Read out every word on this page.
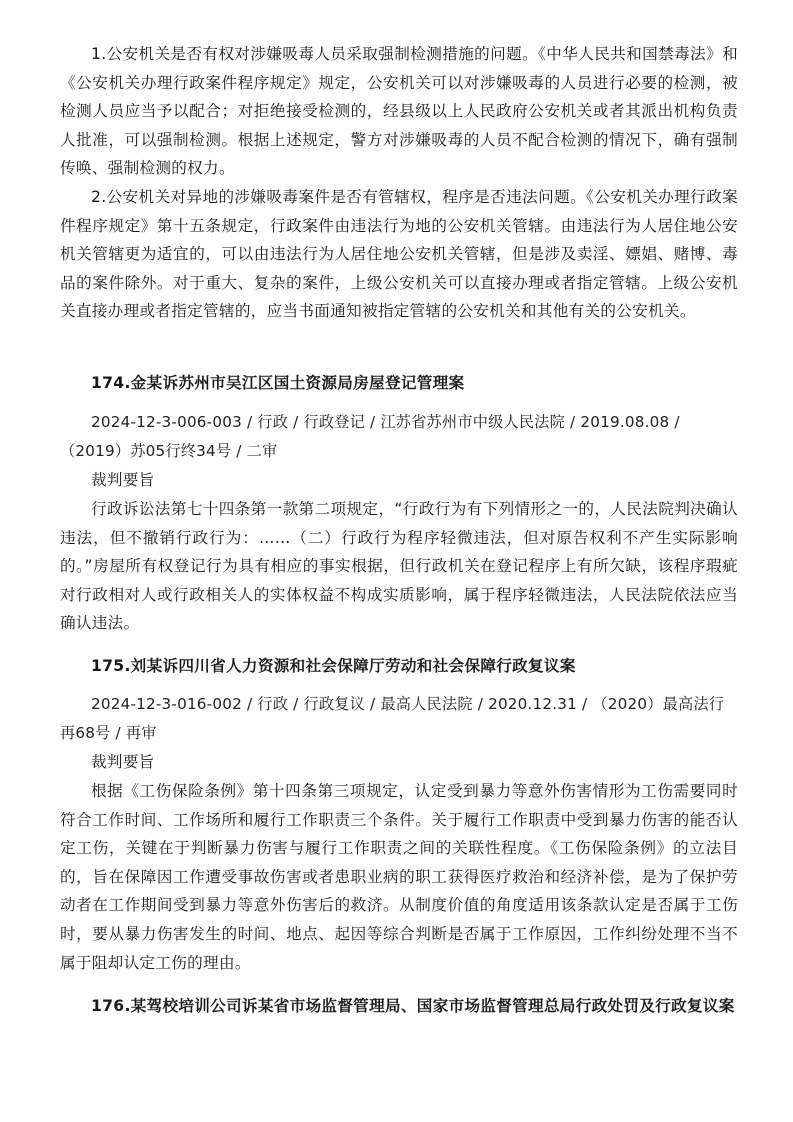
1.公安机关是否有权对涉嫌吸毒人员采取强制检测措施的问题。《中华人民共和国禁毒法》和《公安机关办理行政案件程序规定》规定，公安机关可以对涉嫌吸毒的人员进行必要的检测，被检测人员应当予以配合；对拒绝接受检测的，经县级以上人民政府公安机关或者其派出机构负责人批准，可以强制检测。根据上述规定，警方对涉嫌吸毒的人员不配合检测的情况下，确有强制传唤、强制检测的权力。

2.公安机关对异地的涉嫌吸毒案件是否有管辖权，程序是否违法问题。《公安机关办理行政案件程序规定》第十五条规定，行政案件由违法行为地的公安机关管辖。由违法行为人居住地公安机关管辖更为适宜的，可以由违法行为人居住地公安机关管辖，但是涉及卖淫、嫖娼、赌博、毒品的案件除外。对于重大、复杂的案件，上级公安机关可以直接办理或者指定管辖。上级公安机关直接办理或者指定管辖的，应当书面通知被指定管辖的公安机关和其他有关的公安机关。

174.金某诉苏州市吴江区国土资源局房屋登记管理案

2024-12-3-006-003 / 行政 / 行政登记 / 江苏省苏州市中级人民法院 / 2019.08.08 / （2019）苏05行终34号 / 二审

裁判要旨

行政诉讼法第七十四条第一款第二项规定，“行政行为有下列情形之一的，人民法院判决确认违法，但不撤销行政行为：……（二）行政行为程序轻微违法，但对原告权利不产生实际影响的。”房屋所有权登记行为具有相应的事实根据，但行政机关在登记程序上有所欠缺，该程序瑕疵对行政相对人或行政相关人的实体权益不构成实质影响，属于程序轻微违法，人民法院依法应当确认违法。

175.刘某诉四川省人力资源和社会保障厅劳动和社会保障行政复议案

2024-12-3-016-002 / 行政 / 行政复议 / 最高人民法院 / 2020.12.31 / （2020）最高法行再68号 / 再审

裁判要旨

根据《工伤保险条例》第十四条第三项规定，认定受到暴力等意外伤害情形为工伤需要同时符合工作时间、工作场所和履行工作职责三个条件。关于履行工作职责中受到暴力伤害的能否认定工伤，关键在于判断暴力伤害与履行工作职责之间的关联性程度。《工伤保险条例》的立法目的，旨在保障因工作遭受事故伤害或者患职业病的职工获得医疗救治和经济补偿，是为了保护劳动者在工作期间受到暴力等意外伤害后的救济。从制度价值的角度适用该条款认定是否属于工伤时，要从暴力伤害发生的时间、地点、起因等综合判断是否属于工作原因，工作纠纷处理不当不属于阻却认定工伤的理由。

176.某驾校培训公司诉某省市场监督管理局、国家市场监督管理总局行政处罚及行政复议案
